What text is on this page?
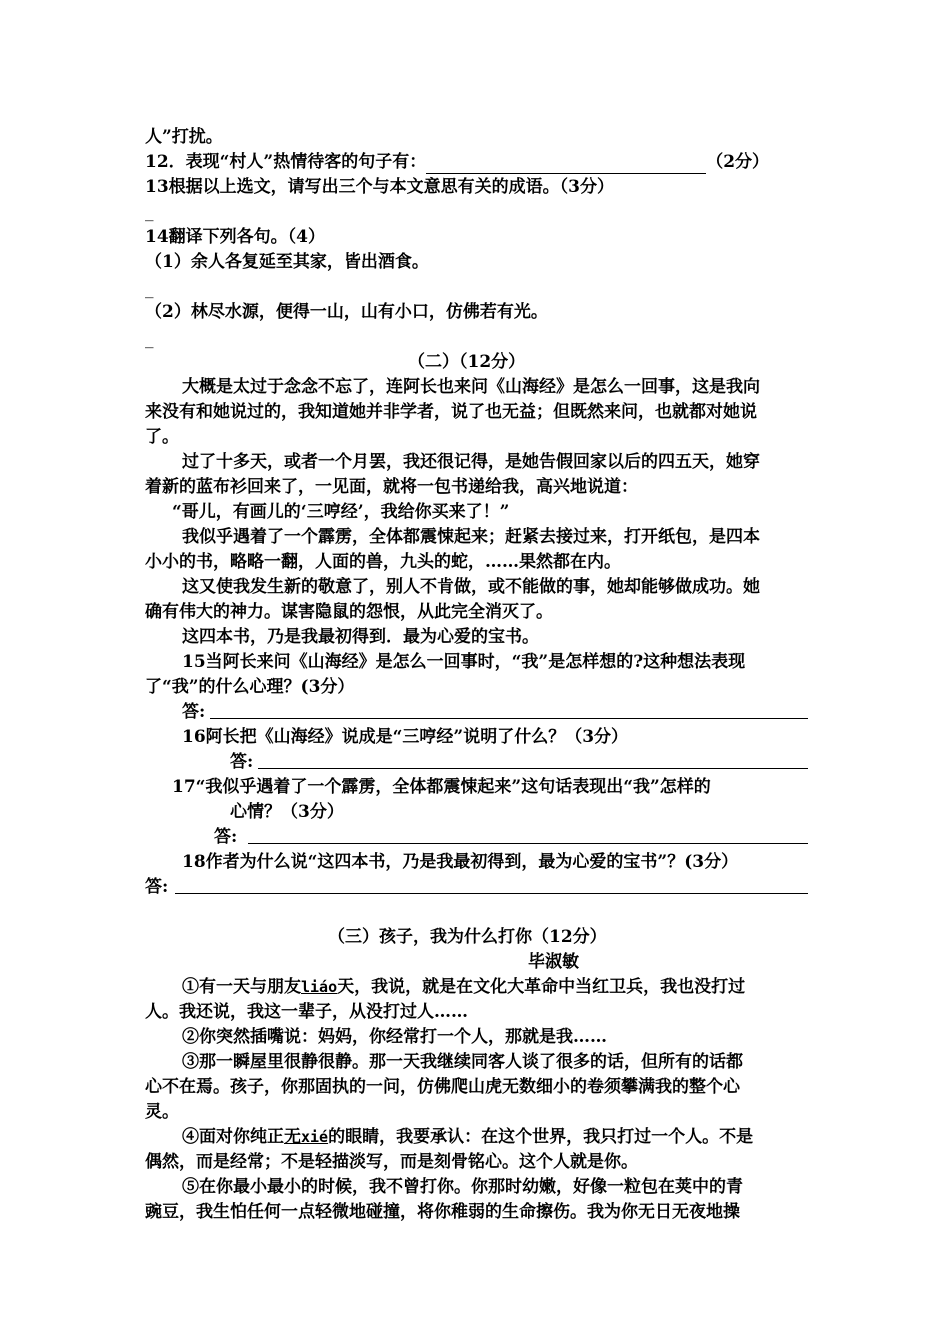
人”打扰。
12．表现“村人”热情待客的句子有：	（2分）
13根据以上选文，请写出三个与本文意思有关的成语。（3分）
_
14翻译下列各句。（4）
（1）余人各复延至其家，皆出酒食。
_
（2）林尽水源，便得一山，山有小口，仿佛若有光。
_
（二）（12分）
大概是太过于念念不忘了，连阿长也来问《山海经》是怎么一回事，这是我向
来没有和她说过的，我知道她并非学者，说了也无益；但既然来问，也就都对她说
了。
过了十多天，或者一个月罢，我还很记得，是她告假回家以后的四五天，她穿
着新的蓝布衫回来了，一见面，就将一包书递给我，高兴地说道：
“哥儿，有画儿的‘三哼经’，我给你买来了！”
我似乎遇着了一个霹雳，全体都震悚起来；赶紧去接过来，打开纸包，是四本
小小的书，略略一翻，人面的兽，九头的蛇，……果然都在内。
这又使我发生新的敬意了，别人不肯做，或不能做的事，她却能够做成功。她
确有伟大的神力。谋害隐鼠的怨恨，从此完全消灭了。
这四本书，乃是我最初得到．最为心爱的宝书。
15当阿长来问《山海经》是怎么一回事时，“我”是怎样想的?这种想法表现
了“我”的什么心理？(3分）
答:
16阿长把《山海经》说成是“三哼经”说明了什么？（3分）
答:
17“我似乎遇着了一个霹雳，全体都震悚起来”这句话表现出“我”怎样的
心情？（3分）
答:
18作者为什么说“这四本书，乃是我最初得到，最为心爱的宝书”？(3分）
答:
（三）孩子，我为什么打你（12分）
毕淑敏
①有一天与朋友liáo天，我说，就是在文化大革命中当红卫兵，我也没打过
人。我还说，我这一辈子，从没打过人……
②你突然插嘴说：妈妈，你经常打一个人，那就是我……
③那一瞬屋里很静很静。那一天我继续同客人谈了很多的话，但所有的话都
心不在焉。孩子，你那固执的一问，仿佛爬山虎无数细小的卷须攀满我的整个心
灵。
④面对你纯正无xié的眼睛，我要承认：在这个世界，我只打过一个人。不是
偶然，而是经常；不是轻描淡写，而是刻骨铭心。这个人就是你。
⑤在你最小最小的时候，我不曾打你。你那时幼嫩，好像一粒包在荚中的青
豌豆，我生怕任何一点轻微地碰撞，将你稚弱的生命擦伤。我为你无日无夜地操
